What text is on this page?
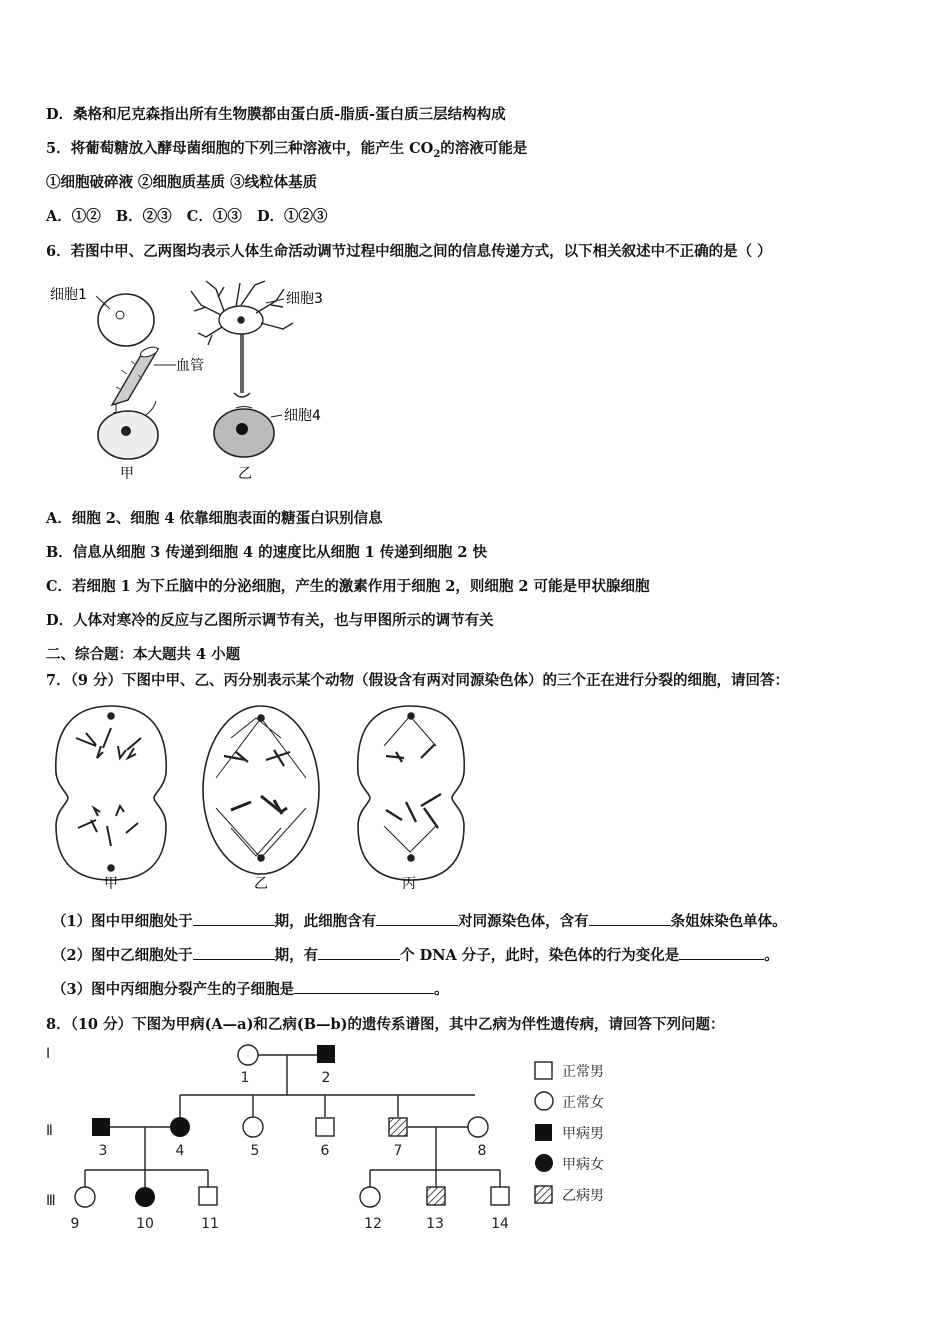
D．桑格和尼克森指出所有生物膜都由蛋白质-脂质-蛋白质三层结构构成
5．将葡萄糖放入酵母菌细胞的下列三种溶液中，能产生 $CO_2$的溶液可能是
①细胞破碎液 ②细胞质基质 ③线粒体基质
A．①②   B．②③   C．①③   D．①②③
6．若图中甲、乙两图均表示人体生命活动调节过程中细胞之间的信息传递方式，以下相关叙述中不正确的是（ ）
细胞1
血管
甲
细胞3
细胞4
乙
A．细胞 2、细胞 4 依靠细胞表面的糖蛋白识别信息
B．信息从细胞 3 传递到细胞 4 的速度比从细胞 1 传递到细胞 2 快
C．若细胞 1 为下丘脑中的分泌细胞，产生的激素作用于细胞 2，则细胞 2 可能是甲状腺细胞
D．人体对寒冷的反应与乙图所示调节有关，也与甲图所示的调节有关
二、综合题：本大题共 4 小题
7．（9 分）下图中甲、乙、丙分别表示某个动物（假设含有两对同源染色体）的三个正在进行分裂的细胞，请回答：
甲	乙	丙
（1）图中甲细胞处于	期，此细胞含有	对同源染色体，含有	条姐妹染色单体。
（2）图中乙细胞处于	期，有	个 DNA 分子，此时，染色体的行为变化是	。
（3）图中丙细胞分裂产生的子细胞是	。
8．（10 分）下图为甲病(A—a)和乙病(B—b)的遗传系谱图，其中乙病为伴性遗传病，请回答下列问题：
Ⅰ
Ⅱ
Ⅲ
1	2
3	4	5	6	7	8
9	10	11	12	13	14
正常男
正常女
甲病男
甲病女
乙病男
